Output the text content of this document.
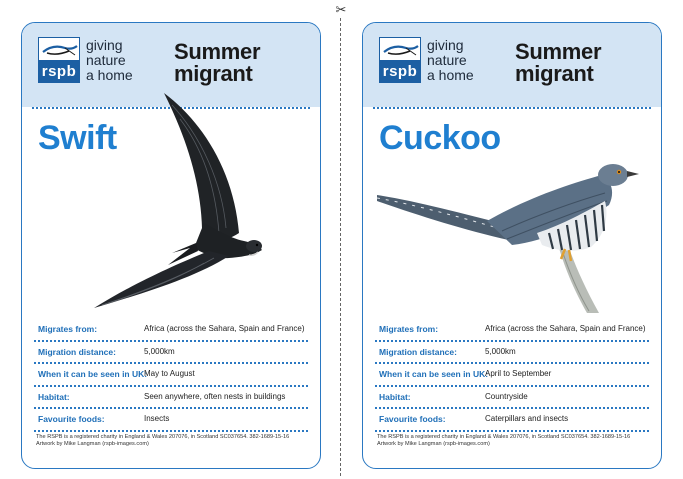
✂
rspb
giving
nature
a home
Summer
migrant
Swift
Migrates from:	Africa (across the Sahara, Spain and France)
Migration distance:	5,000km
When it can be seen in UK:
May to August
Habitat:	Seen anywhere, often nests in buildings
Favourite foods:	Insects
The RSPB is a registered charity in England & Wales 207076, in Scotland SC037654. 382-1689-15-16
Artwork by Mike Langman (rspb-images.com)
rspb
giving
nature
a home
Summer
migrant
Cuckoo
Migrates from:	Africa (across the Sahara, Spain and France)
Migration distance:	5,000km
When it can be seen in UK:
April to September
Habitat:	Countryside
Favourite foods:	Caterpillars and insects
The RSPB is a registered charity in England & Wales 207076, in Scotland SC037654. 382-1689-15-16
Artwork by Mike Langman (rspb-images.com)
